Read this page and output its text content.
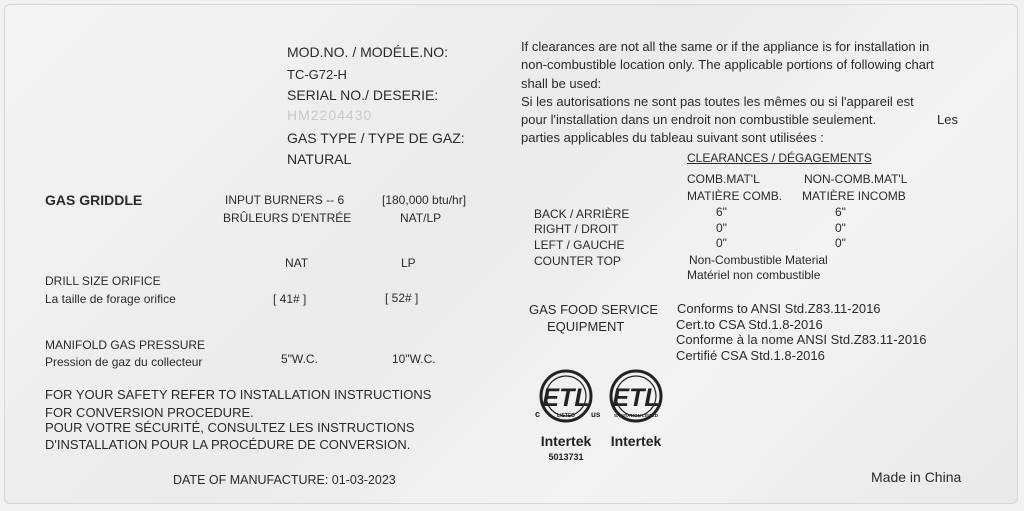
MOD.NO. / MODÉLE.NO:
TC-G72-H
SERIAL NO./ DESERIE:
HM2204430
GAS TYPE / TYPE DE GAZ:
NATURAL
GAS GRIDDLE	INPUT BURNERS -- 6
BRÛLEURS D'ENTRÉE
[180,000 btu/hr]
NAT/LP
NAT	LP
DRILL SIZE ORIFICE
La taille de forage orifice	[ 41# ]	[ 52# ]
MANIFOLD GAS PRESSURE
Pression de gaz du collecteur	5"W.C.	10"W.C.
FOR YOUR SAFETY REFER TO INSTALLATION INSTRUCTIONS
FOR CONVERSION PROCEDURE.
POUR VOTRE SÉCURITÉ, CONSULTEZ LES INSTRUCTIONS
D'INSTALLATION POUR LA PROCÉDURE DE CONVERSION.
DATE OF MANUFACTURE: 01-03-2023
If clearances are not all the same or if the appliance is for installation in
non-combustible location only. The applicable portions of following chart
shall be used:
Si les autorisations ne sont pas toutes les mêmes ou si l'appareil est
pour l'installation dans un endroit non combustible seulement.	Les
parties applicables du tableau suivant sont utilisées :
CLEARANCES / DÉGAGEMENTS
COMB.MAT'L
MATIÈRE COMB.
NON-COMB.MAT'L
MATIÈRE INCOMB
BACK / ARRIÈRE	6"	6"
RIGHT / DROIT	0"	0"
LEFT / GAUCHE	0"	0"
COUNTER TOP	Non-Combustible Material
Matériel non combustible
GAS FOOD SERVICE
EQUIPMENT
Conforms to ANSI Std.Z83.11-2016
Cert.to CSA Std.1.8-2016
Conforme à la nome ANSI Std.Z83.11-2016
Certifié CSA Std.1.8-2016
ETL
LISTED
c	us
Intertek
5013731
ETL
SANITATION LISTED
Intertek
Made in China
